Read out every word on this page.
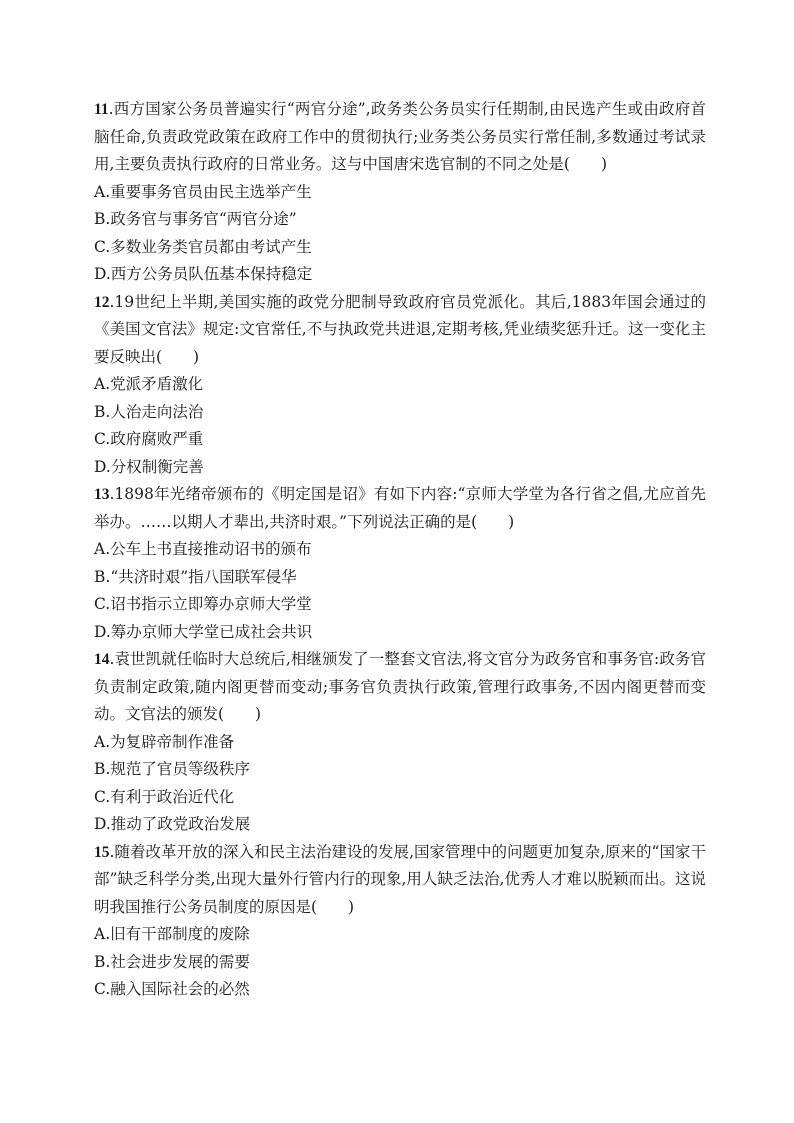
11.西方国家公务员普遍实行“两官分途”,政务类公务员实行任期制,由民选产生或由政府首脑任命,负责政党政策在政府工作中的贯彻执行;业务类公务员实行常任制,多数通过考试录用,主要负责执行政府的日常业务。这与中国唐宋选官制的不同之处是(　　)

A.重要事务官员由民主选举产生

B.政务官与事务官“两官分途”

C.多数业务类官员都由考试产生

D.西方公务员队伍基本保持稳定

12.19世纪上半期,美国实施的政党分肥制导致政府官员党派化。其后,1883年国会通过的《美国文官法》规定:文官常任,不与执政党共进退,定期考核,凭业绩奖惩升迁。这一变化主要反映出(　　)

A.党派矛盾激化

B.人治走向法治

C.政府腐败严重

D.分权制衡完善

13.1898年光绪帝颁布的《明定国是诏》有如下内容:“京师大学堂为各行省之倡,尤应首先举办。……以期人才辈出,共济时艰。”下列说法正确的是(　　)

A.公车上书直接推动诏书的颁布

B.“共济时艰”指八国联军侵华

C.诏书指示立即筹办京师大学堂

D.筹办京师大学堂已成社会共识

14.袁世凯就任临时大总统后,相继颁发了一整套文官法,将文官分为政务官和事务官:政务官负责制定政策,随内阁更替而变动;事务官负责执行政策,管理行政事务,不因内阁更替而变动。文官法的颁发(　　)

A.为复辟帝制作准备

B.规范了官员等级秩序

C.有利于政治近代化

D.推动了政党政治发展

15.随着改革开放的深入和民主法治建设的发展,国家管理中的问题更加复杂,原来的“国家干部”缺乏科学分类,出现大量外行管内行的现象,用人缺乏法治,优秀人才难以脱颖而出。这说明我国推行公务员制度的原因是(　　)

A.旧有干部制度的废除

B.社会进步发展的需要

C.融入国际社会的必然
